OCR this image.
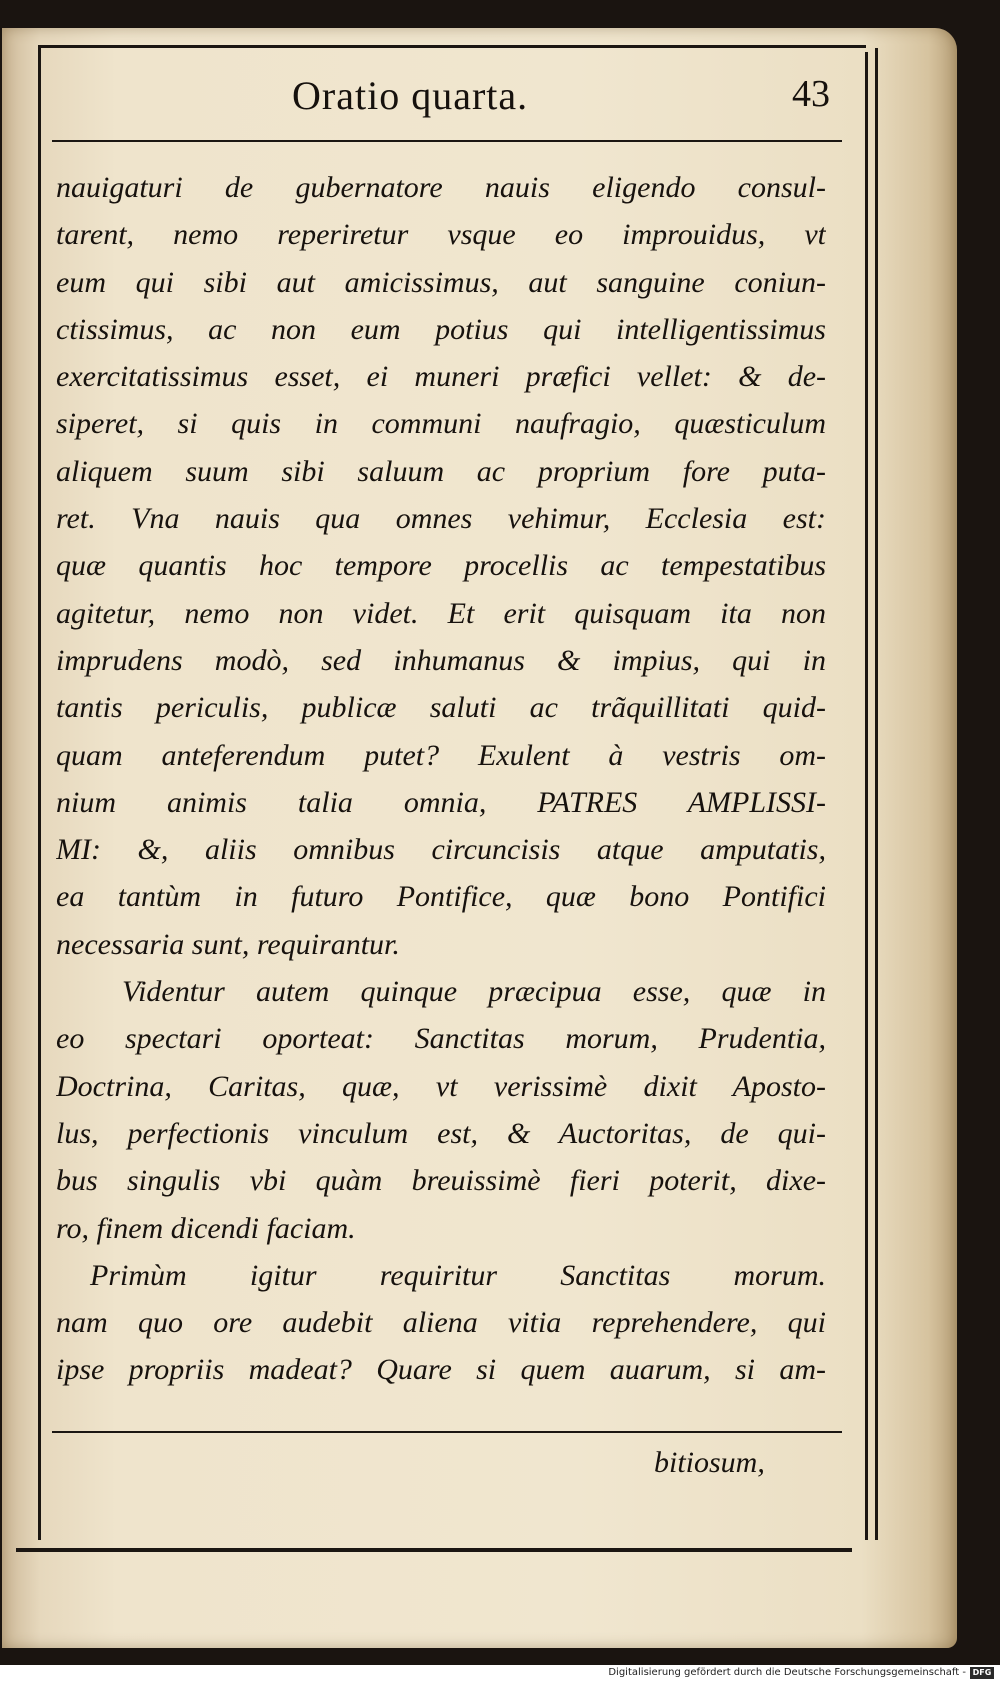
Oratio quarta.	43
nauigaturi de gubernatore nauis eligendo consul-
tarent, nemo reperiretur vsque eo improuidus, vt
eum qui sibi aut amicissimus, aut sanguine coniun-
ctissimus, ac non eum potius qui intelligentissimus
exercitatissimus esset, ei muneri præfici vellet: & de-
siperet, si quis in communi naufragio, quæsticulum
aliquem suum sibi saluum ac proprium fore puta-
ret. Vna nauis qua omnes vehimur, Ecclesia est:
quæ quantis hoc tempore procellis ac tempestatibus
agitetur, nemo non videt. Et erit quisquam ita non
imprudens modò, sed inhumanus & impius, qui in
tantis periculis, publicæ saluti ac trãquillitati quid-
quam anteferendum putet? Exulent à vestris om-
nium animis talia omnia, PATRES AMPLISSI-
MI: &, aliis omnibus circuncisis atque amputatis,
ea tantùm in futuro Pontifice, quæ bono Pontifici
necessaria sunt, requirantur.
Videntur autem quinque præcipua esse, quæ in
eo spectari oporteat: Sanctitas morum, Prudentia,
Doctrina, Caritas, quæ, vt verissimè dixit Aposto-
lus, perfectionis vinculum est, & Auctoritas, de qui-
bus singulis vbi quàm breuissimè fieri poterit, dixe-
ro, finem dicendi faciam.
Primùm igitur requiritur Sanctitas morum.
nam quo ore audebit aliena vitia reprehendere, qui
ipse propriis madeat? Quare si quem auarum, si am-
bitiosum,
Digitalisierung gefördert durch die Deutsche Forschungsgemeinschaft - DFG
